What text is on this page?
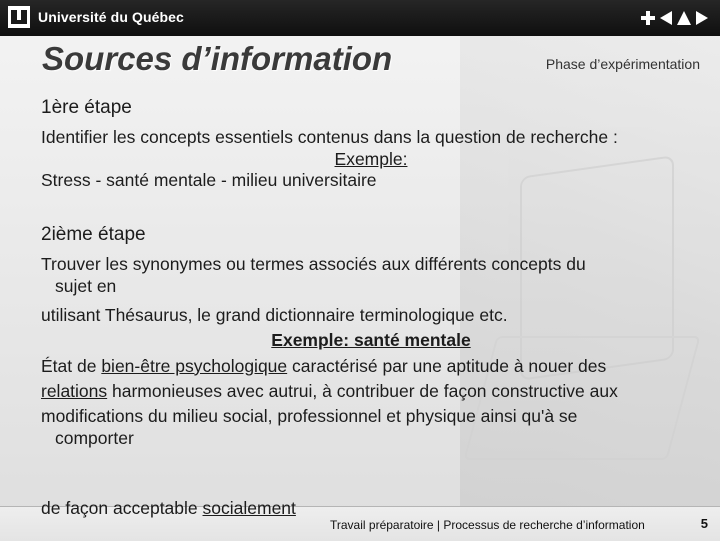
Université du Québec
Sources d’information	Phase d’expérimentation
1ère étape

Identifier les concepts essentiels contenus dans la question de recherche :

Exemple:

Stress - santé mentale - milieu universitaire

2ième étape

Trouver les synonymes ou termes associés aux différents concepts du

sujet en

utilisant Thésaurus, le grand dictionnaire terminologique etc.

Exemple: santé mentale

État de bien-être psychologique caractérisé par une aptitude à nouer des

relations harmonieuses avec autrui, à contribuer de façon constructive aux

modifications du milieu social, professionnel et physique ainsi qu'à se

comporter

de façon acceptable socialement
Travail préparatoire | Processus de recherche d’information	5
